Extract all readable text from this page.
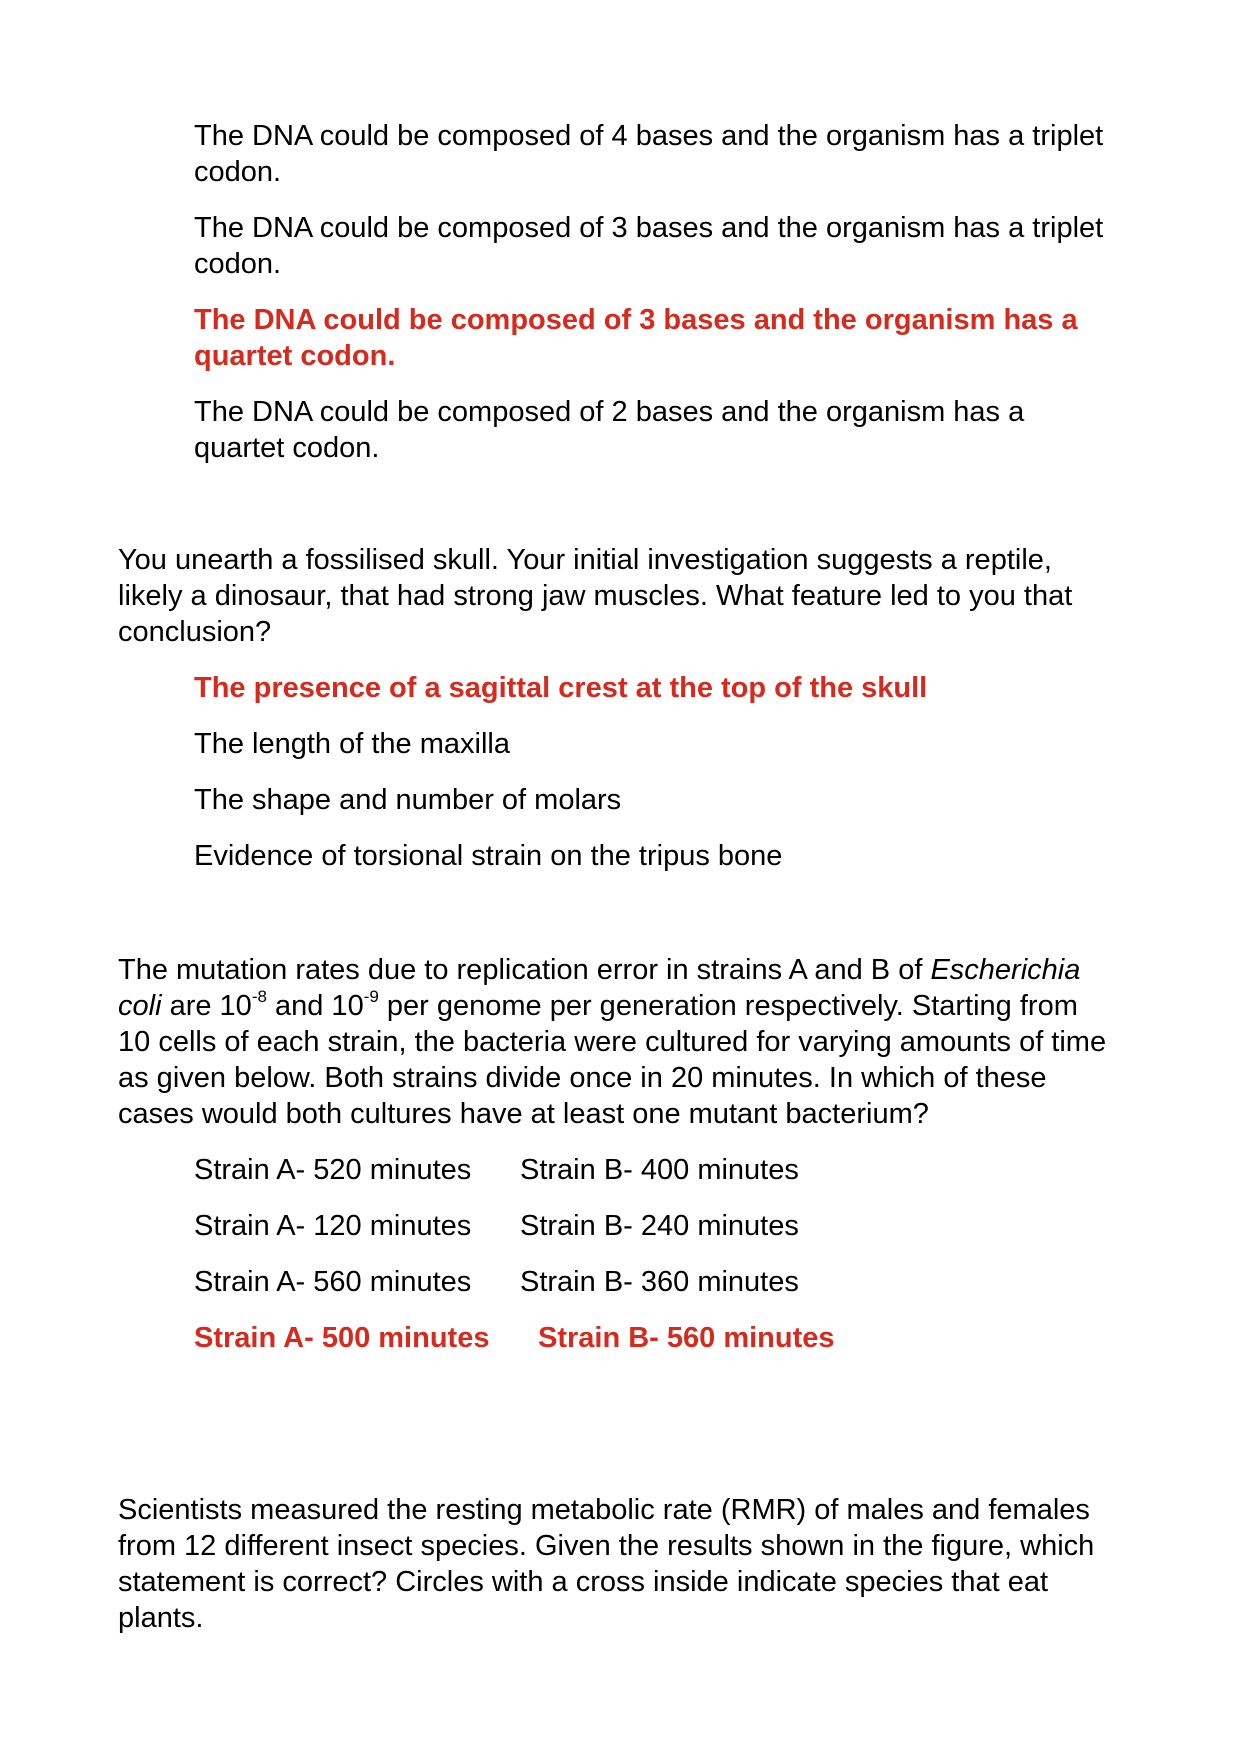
The DNA could be composed of 4 bases and the organism has a triplet
codon.
The DNA could be composed of 3 bases and the organism has a triplet
codon.
The DNA could be composed of 3 bases and the organism has a
quartet codon.
The DNA could be composed of 2 bases and the organism has a
quartet codon.
You unearth a fossilised skull. Your initial investigation suggests a reptile,
likely a dinosaur, that had strong jaw muscles. What feature led to you that
conclusion?
The presence of a sagittal crest at the top of the skull
The length of the maxilla
The shape and number of molars
Evidence of torsional strain on the tripus bone
The mutation rates due to replication error in strains A and B of Escherichia
coli are $10^{-8}$ and $10^{-9}$ per genome per generation respectively. Starting from
10 cells of each strain, the bacteria were cultured for varying amounts of time
as given below. Both strains divide once in 20 minutes. In which of these
cases would both cultures have at least one mutant bacterium?
Strain A- 520 minutes Strain B- 400 minutes
Strain A- 120 minutes Strain B- 240 minutes
Strain A- 560 minutes Strain B- 360 minutes
Strain A- 500 minutes Strain B- 560 minutes
Scientists measured the resting metabolic rate (RMR) of males and females
from 12 different insect species. Given the results shown in the figure, which
statement is correct? Circles with a cross inside indicate species that eat
plants.
